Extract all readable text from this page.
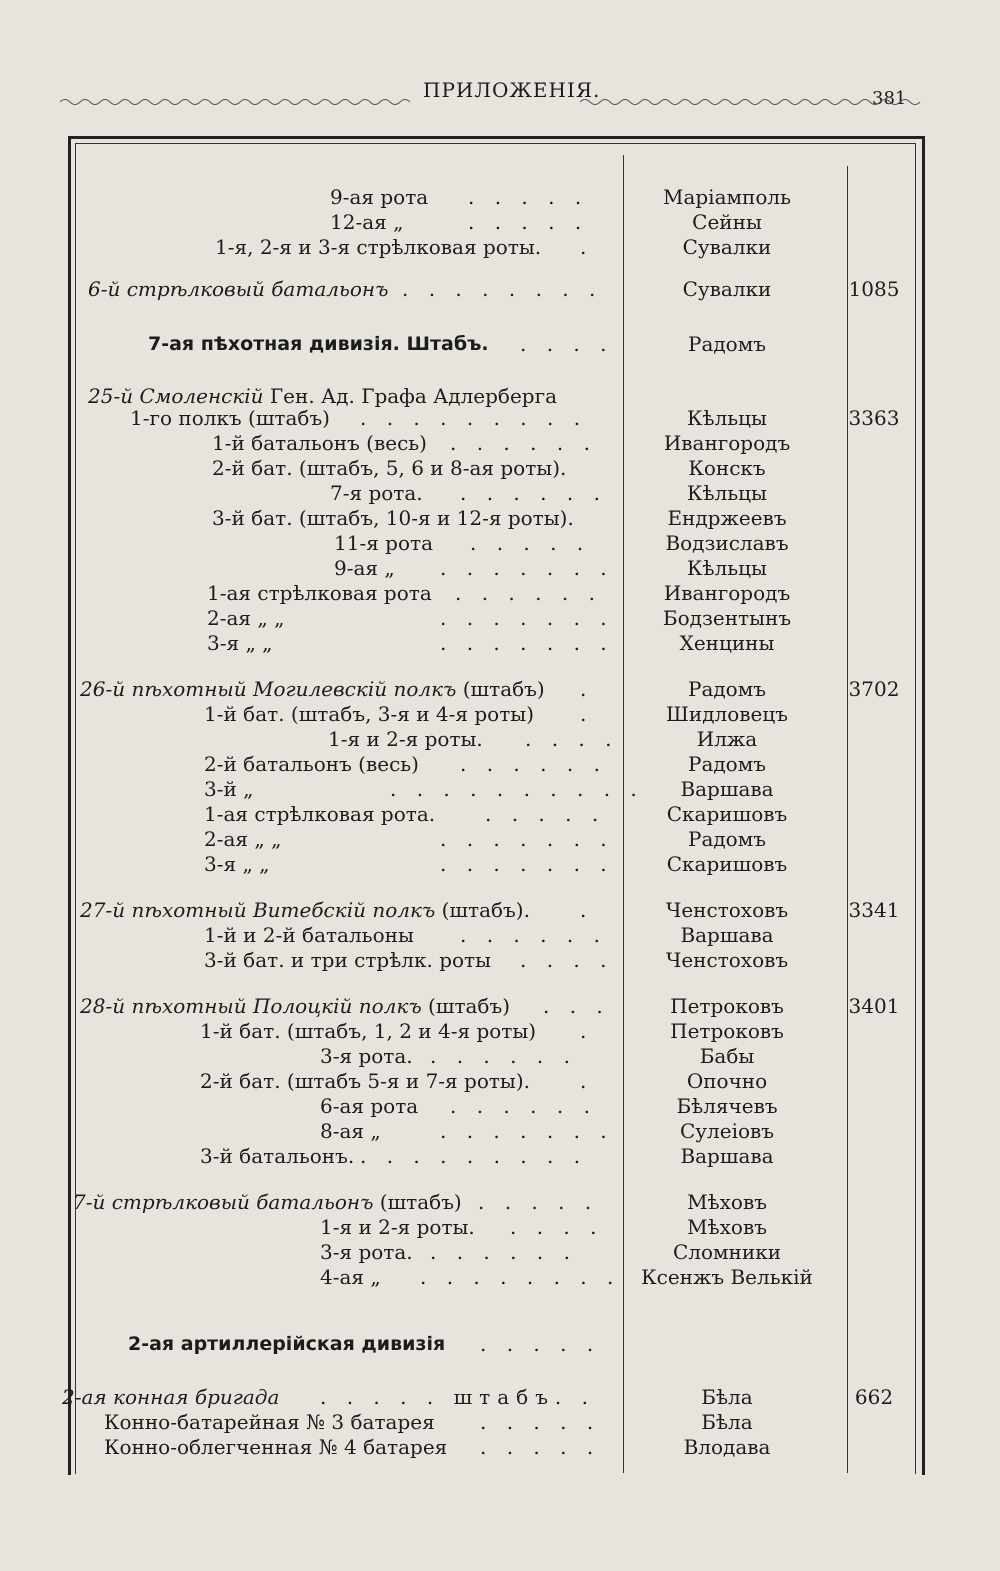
ПРИЛОЖЕНІЯ.	381
9-ая рота . . . . .	Маріамполь
12-ая „	. . . . .	Сейны
1-я, 2-я и 3-я стрѣлковая роты. .	Сувалки
6-й стрѣлковый батальонъ . . . . . . . .	Сувалки	1085
7-ая пѣхотная дивизія. Штабъ. . . . .	Радомъ
25-й Смоленскій Ген. Ад. Графа Адлерберга
1-го полкъ (штабъ) . . . . . . . . .	Кѣльцы	3363
1-й батальонъ (весь) . . . . . .	Ивангородъ
2-й бат. (штабъ, 5, 6 и 8-ая роты).	Конскъ
7-я рота. . . . . . .	Кѣльцы
3-й бат. (штабъ, 10-я и 12-я роты).	Ендржеевъ
11-я рота . . . . .	Водзиславъ
9-ая „ . . . . . . .	Кѣльцы
1-ая стрѣлковая рота . . . . . .	Ивангородъ
2-ая „ „	. . . . . . .	Бодзентынъ
3-я „ „	. . . . . . .	Хенцины
26-й пѣхотный Могилевскій полкъ (штабъ) .	Радомъ	3702
1-й бат. (штабъ, 3-я и 4-я роты) .	Шидловецъ
1-я и 2-я роты. . . . .	Илжа
2-й батальонъ (весь) . . . . . .	Радомъ
3-й „	. . . . . . . . . .	Варшава
1-ая стрѣлковая рота. . . . . .	Скаришовъ
2-ая „ „	. . . . . . .	Радомъ
3-я „ „	. . . . . . .	Скаришовъ
27-й пѣхотный Витебскій полкъ (штабъ).	.	Ченстоховъ	3341
1-й и 2-й батальоны . . . . . .	Варшава
3-й бат. и три стрѣлк. роты . . . .	Ченстоховъ
28-й пѣхотный Полоцкій полкъ (штабъ) . . .	Петроковъ	3401
1-й бат. (штабъ, 1, 2 и 4-я роты) .	Петроковъ
3-я рота. . . . . . .	Бабы
2-й бат. (штабъ 5-я и 7-я роты). .	Опочно
6-ая рота . . . . . .	Бѣлячевъ
8-ая „	. . . . . . .	Сулеіовъ
3-й батальонъ. . . . . . . . . .	Варшава
7-й стрѣлковый батальонъ (штабъ) . . . . .	Мѣховъ
1-я и 2-я роты. . . . .	Мѣховъ
3-я рота. . . . . . .	Сломники
4-ая „ . . . . . . . .	Ксенжъ Велькій
2-ая артиллерійская дивизія . . . . .
2-ая конная бригада . . . . . штабъ. .	Бѣла	662
Конно-батарейная № 3 батарея . . . . .	Бѣла
Конно-облегченная № 4 батарея . . . . .	Влодава
